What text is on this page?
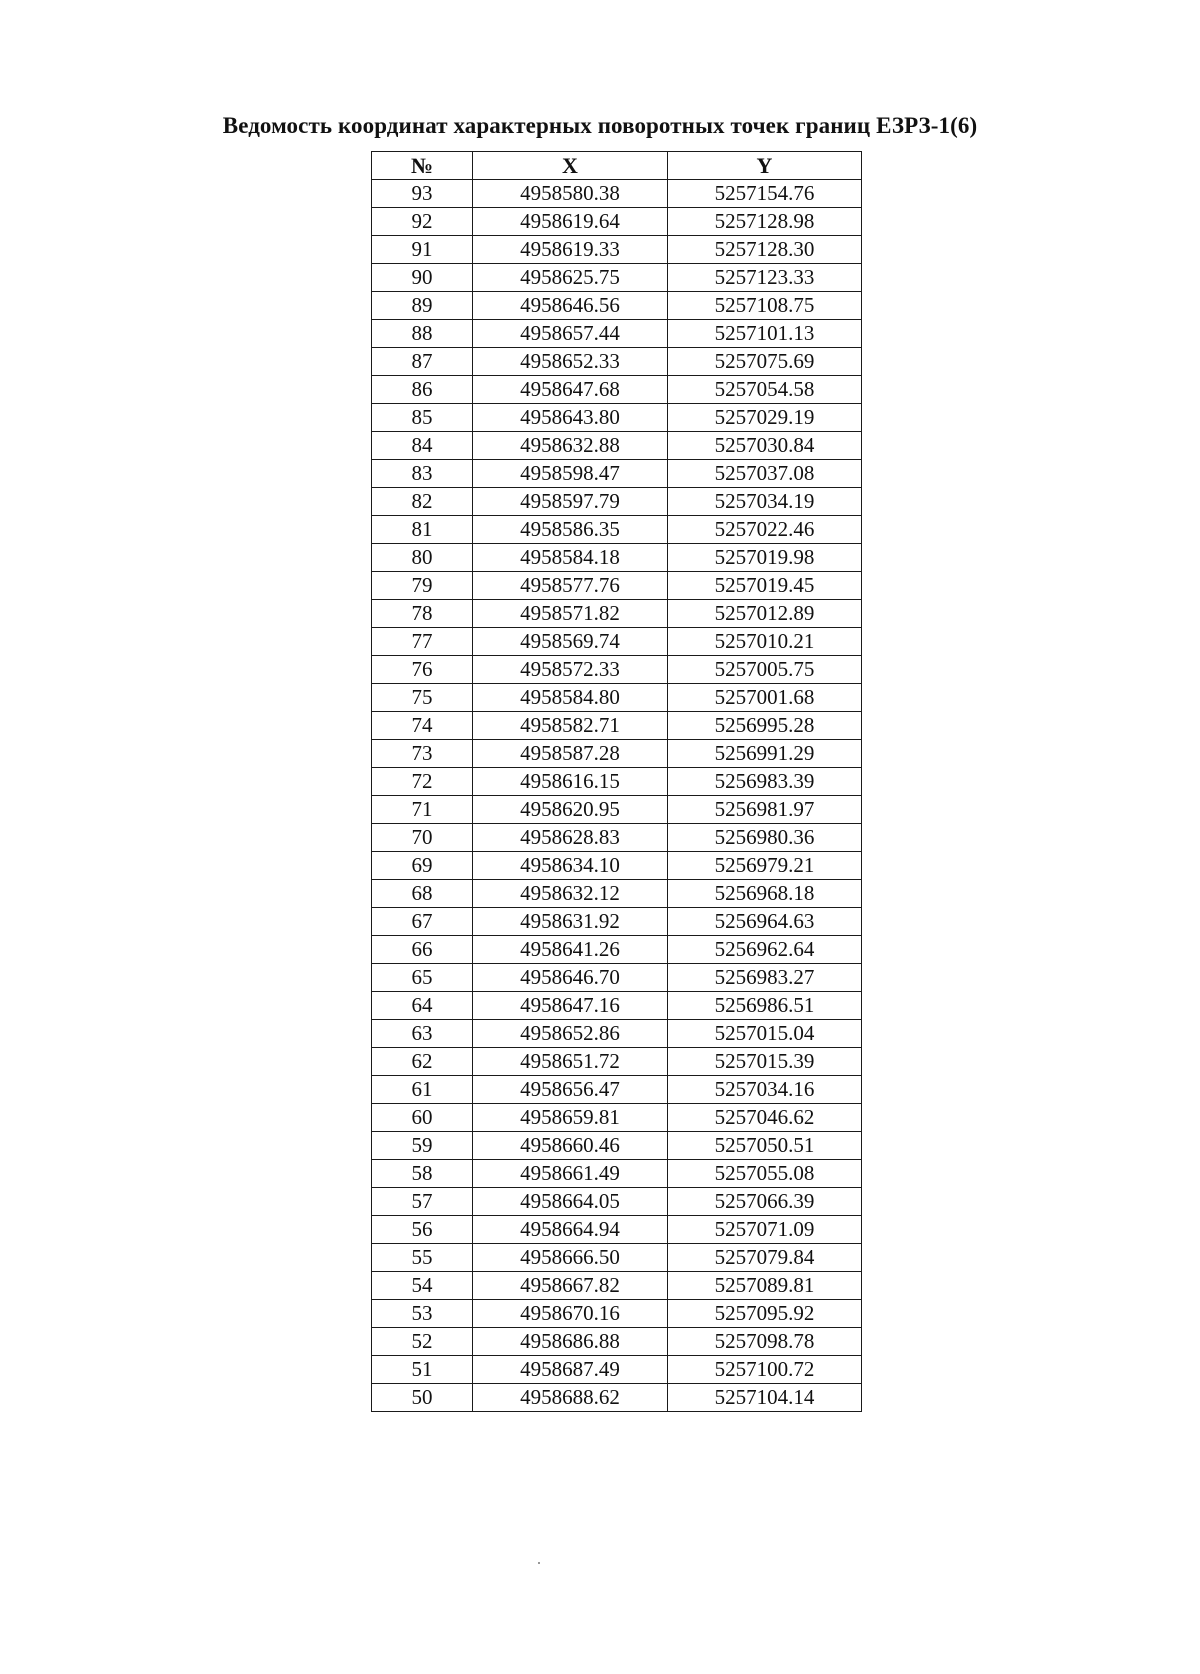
Ведомость координат характерных поворотных точек границ ЕЗРЗ-1(6)
№	X	Y
93	4958580.38	5257154.76
92	4958619.64	5257128.98
91	4958619.33	5257128.30
90	4958625.75	5257123.33
89	4958646.56	5257108.75
88	4958657.44	5257101.13
87	4958652.33	5257075.69
86	4958647.68	5257054.58
85	4958643.80	5257029.19
84	4958632.88	5257030.84
83	4958598.47	5257037.08
82	4958597.79	5257034.19
81	4958586.35	5257022.46
80	4958584.18	5257019.98
79	4958577.76	5257019.45
78	4958571.82	5257012.89
77	4958569.74	5257010.21
76	4958572.33	5257005.75
75	4958584.80	5257001.68
74	4958582.71	5256995.28
73	4958587.28	5256991.29
72	4958616.15	5256983.39
71	4958620.95	5256981.97
70	4958628.83	5256980.36
69	4958634.10	5256979.21
68	4958632.12	5256968.18
67	4958631.92	5256964.63
66	4958641.26	5256962.64
65	4958646.70	5256983.27
64	4958647.16	5256986.51
63	4958652.86	5257015.04
62	4958651.72	5257015.39
61	4958656.47	5257034.16
60	4958659.81	5257046.62
59	4958660.46	5257050.51
58	4958661.49	5257055.08
57	4958664.05	5257066.39
56	4958664.94	5257071.09
55	4958666.50	5257079.84
54	4958667.82	5257089.81
53	4958670.16	5257095.92
52	4958686.88	5257098.78
51	4958687.49	5257100.72
50	4958688.62	5257104.14
